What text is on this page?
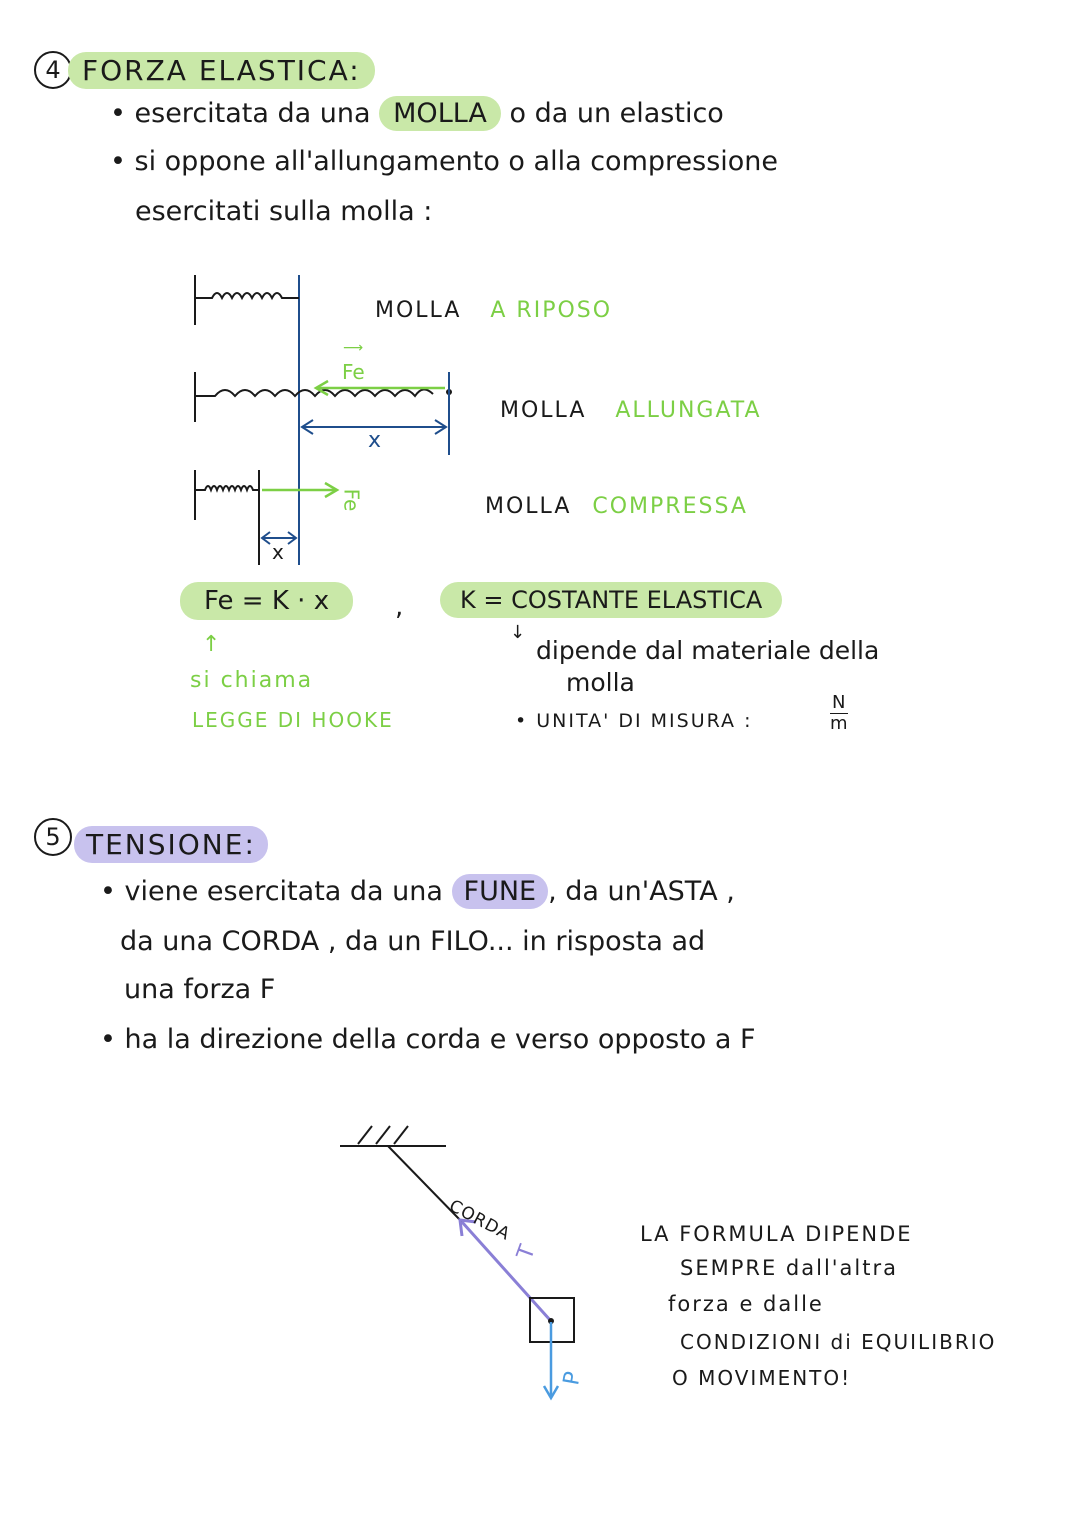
4 FORZA ELASTICA:
• esercitata da una MOLLA o da un elastico
• si oppone all'allungamento o alla compressione
esercitati sulla molla :
Fe
⟶
x
Fe
x
MOLLA A RIPOSO
MOLLA ALLUNGATA
MOLLA COMPRESSA
Fe = K · x	,	K = COSTANTE ELASTICA
↑
si chiama
LEGGE DI HOOKE
↓
dipende dal materiale della
molla
• UNITA' DI MISURA :
N
m
5 TENSIONE:
• viene esercitata da una FUNE , da un'ASTA ,
da una CORDA , da un FILO... in risposta ad
una forza F
• ha la direzione della corda e verso opposto a F
CORDA
T
P
LA FORMULA DIPENDE
SEMPRE dall'altra
forza e dalle
CONDIZIONI di EQUILIBRIO
O MOVIMENTO!
